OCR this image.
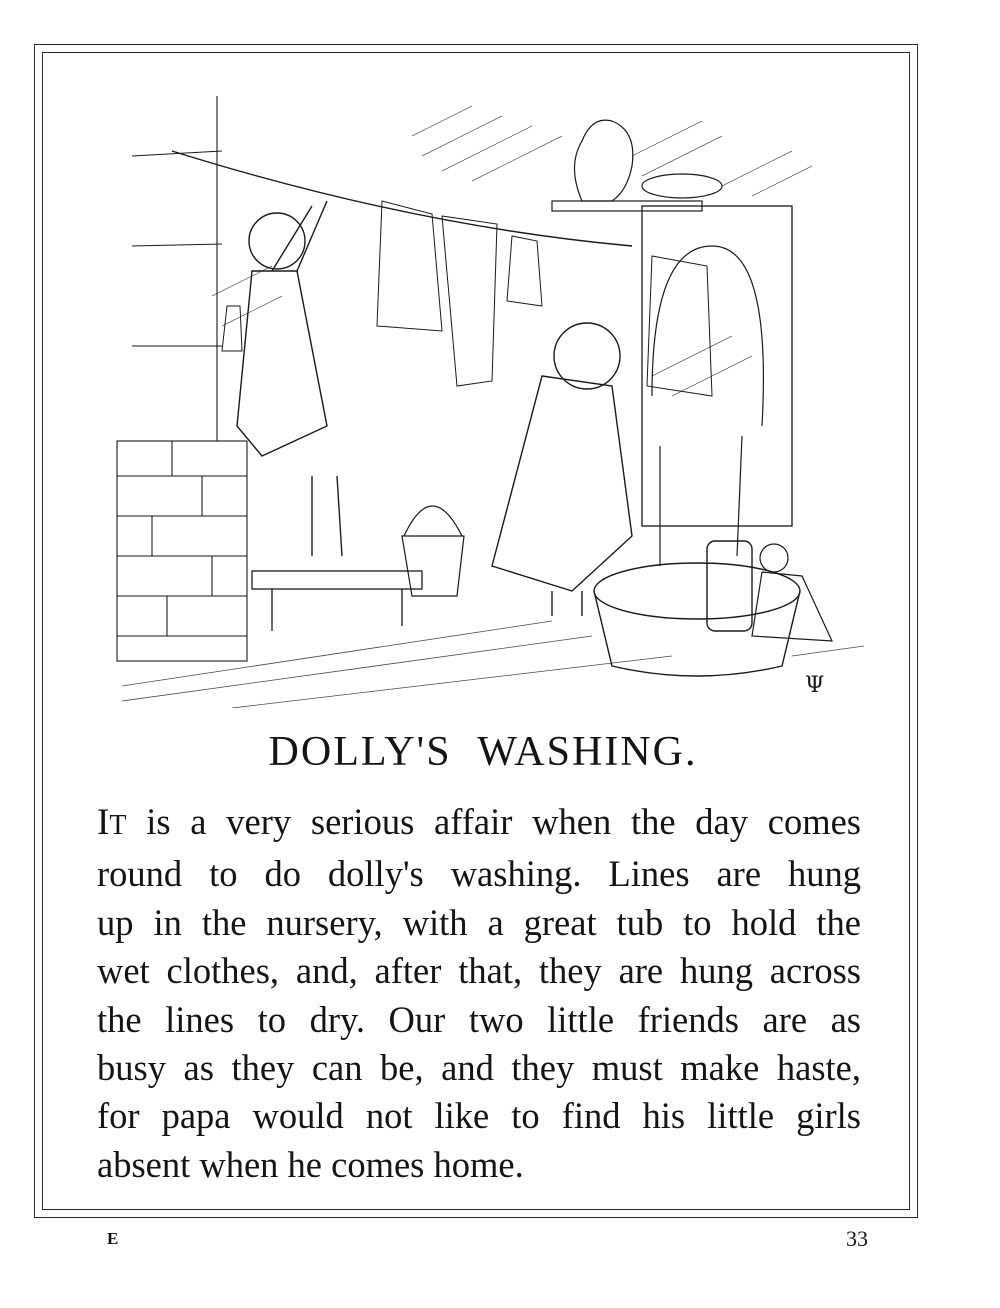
Ψ
DOLLY'S WASHING.
IT is a very serious affair when the day comes
round to do dolly's washing. Lines are hung
up in the nursery, with a great tub to hold the
wet clothes, and, after that, they are hung across
the lines to dry. Our two little friends are as
busy as they can be, and they must make haste,
for papa would not like to find his little girls
absent when he comes home.
E	33
